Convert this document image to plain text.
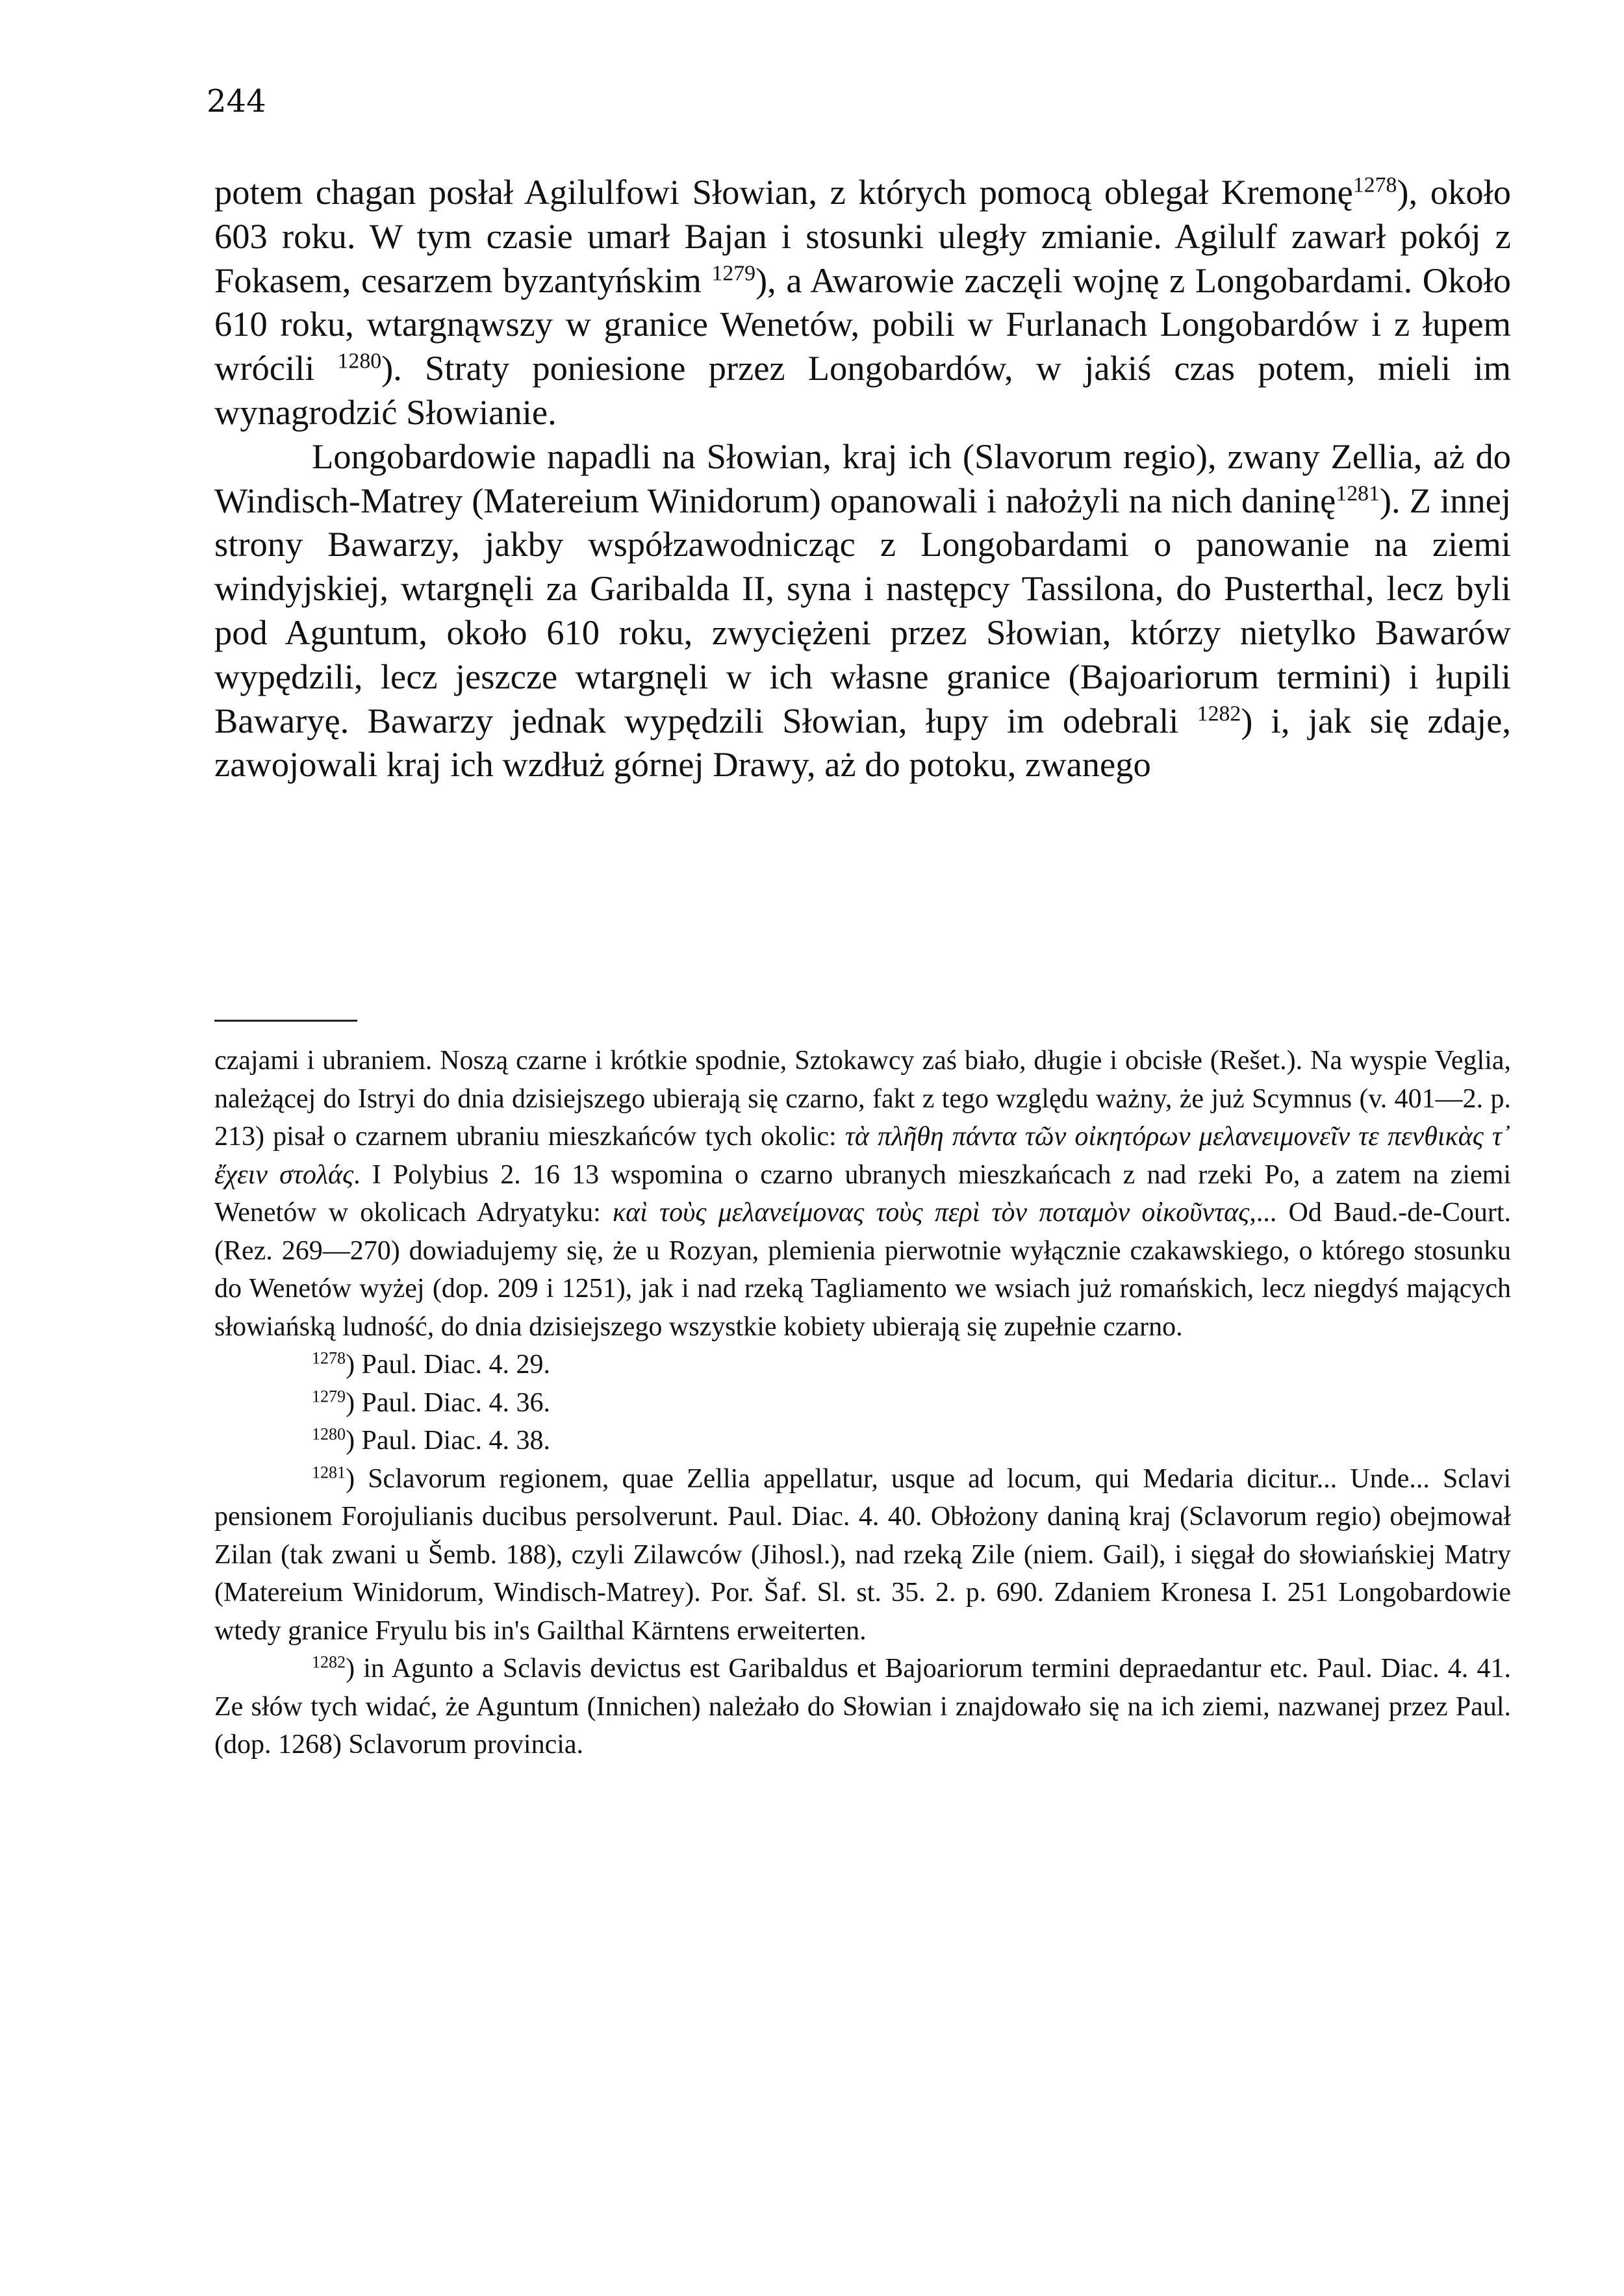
244

potem chagan posłał Agilulfowi Słowian, z których pomocą oblegał Kremonę$^{1278}$), około 603 roku. W tym czasie umarł Bajan i stosunki uległy zmianie. Agilulf zawarł pokój z Fokasem, cesarzem byzantyńskim $^{1279}$), a Awarowie zaczęli wojnę z Longobardami. Około 610 roku, wtargnąwszy w granice Wenetów, pobili w Furlanach Longobardów i z łupem wrócili $^{1280}$). Straty poniesione przez Longobardów, w jakiś czas potem, mieli im wynagrodzić Słowianie.

Longobardowie napadli na Słowian, kraj ich (Slavorum regio), zwany Zellia, aż do Windisch-Matrey (Matereium Winidorum) opanowali i nałożyli na nich daninę$^{1281}$). Z innej strony Bawarzy, jakby współzawodnicząc z Longobardami o panowanie na ziemi windyjskiej, wtargnęli za Garibalda II, syna i następcy Tassilona, do Pusterthal, lecz byli pod Aguntum, około 610 roku, zwyciężeni przez Słowian, którzy nietylko Bawarów wypędzili, lecz jeszcze wtargnęli w ich własne granice (Bajoariorum termini) i łupili Bawaryę. Bawarzy jednak wypędzili Słowian, łupy im odebrali $^{1282}$) i, jak się zdaje, zawojowali kraj ich wzdłuż górnej Drawy, aż do potoku, zwanego

czajami i ubraniem. Noszą czarne i krótkie spodnie, Sztokawcy zaś biało, długie i obcisłe (Rešet.). Na wyspie Veglia, należącej do Istryi do dnia dzisiejszego ubierają się czarno, fakt z tego względu ważny, że już Scymnus (v. 401—2. p. 213) pisał o czarnem ubraniu mieszkańców tych okolic: τὰ πλῆθη πάντα τῶν οἰκητόρων μελανειμονεῖν τε πενθικὰς τ᾿ ἔχειν στολάς. I Polybius 2. 16 13 wspomina o czarno ubranych mieszkańcach z nad rzeki Po, a zatem na ziemi Wenetów w okolicach Adryatyku: καὶ τοὺς μελανείμονας τοὺς περὶ τὸν ποταμὸν οἰκοῦντας,... Od Baud.-de-Court. (Rez. 269—270) dowiadujemy się, że u Rozyan, plemienia pierwotnie wyłącznie czakawskiego, o którego stosunku do Wenetów wyżej (dop. 209 i 1251), jak i nad rzeką Tagliamento we wsiach już romańskich, lecz niegdyś mających słowiańską ludność, do dnia dzisiejszego wszystkie kobiety ubierają się zupełnie czarno.

$^{1278}$) Paul. Diac. 4. 29.

$^{1279}$) Paul. Diac. 4. 36.

$^{1280}$) Paul. Diac. 4. 38.

$^{1281}$) Sclavorum regionem, quae Zellia appellatur, usque ad locum, qui Medaria dicitur... Unde... Sclavi pensionem Forojulianis ducibus persolverunt. Paul. Diac. 4. 40. Obłożony daniną kraj (Sclavorum regio) obejmował Zilan (tak zwani u Šemb. 188), czyli Zilawców (Jihosl.), nad rzeką Zile (niem. Gail), i sięgał do słowiańskiej Matry (Matereium Winidorum, Windisch-Matrey). Por. Šaf. Sl. st. 35. 2. p. 690. Zdaniem Kronesa I. 251 Longobardowie wtedy granice Fryulu bis in's Gailthal Kärntens erweiterten.

$^{1282}$) in Agunto a Sclavis devictus est Garibaldus et Bajoariorum termini depraedantur etc. Paul. Diac. 4. 41. Ze słów tych widać, że Aguntum (Innichen) należało do Słowian i znajdowało się na ich ziemi, nazwanej przez Paul. (dop. 1268) Sclavorum provincia.
